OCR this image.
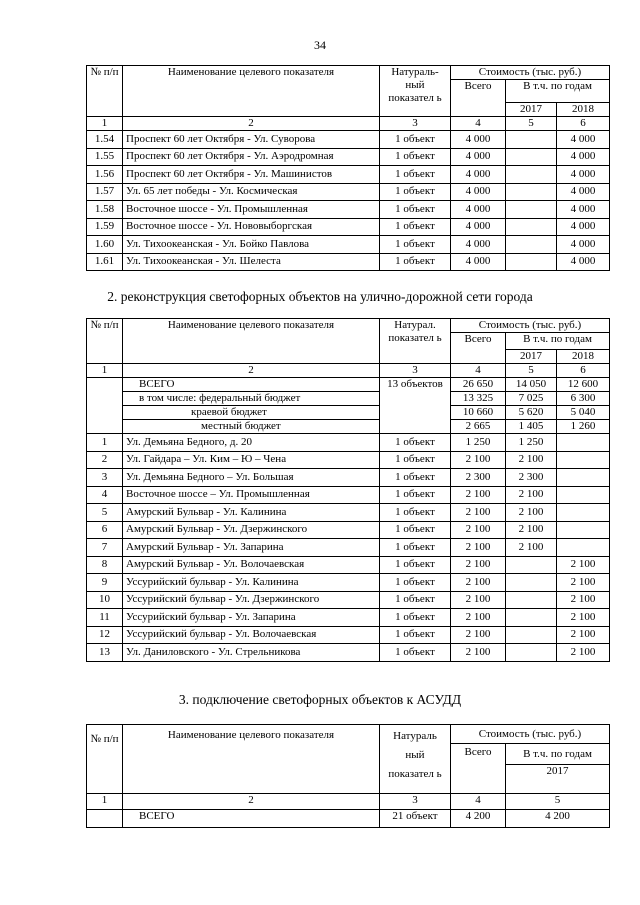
34
№ п/п	Наименование целевого показателя	Натураль-ный показател ь	Стоимость (тыс. руб.)		
			Всего	В т.ч. по годам	
				2017	2018
1	2	3	4	5	6
1.54	Проспект 60 лет Октября - Ул. Суворова	1 объект	4 000		4 000
1.55	Проспект 60 лет Октября - Ул. Аэродромная	1 объект	4 000		4 000
1.56	Проспект 60 лет Октября - Ул. Машинистов	1 объект	4 000		4 000
1.57	Ул. 65 лет победы - Ул. Космическая	1 объект	4 000		4 000
1.58	Восточное шоссе - Ул. Промышленная	1 объект	4 000		4 000
1.59	Восточное шоссе - Ул. Нововыборгская	1 объект	4 000		4 000
1.60	Ул. Тихоокеанская - Ул. Бойко Павлова	1 объект	4 000		4 000
1.61	Ул. Тихоокеанская - Ул. Шелеста	1 объект	4 000		4 000
2. реконструкция светофорных объектов на улично-дорожной сети города
№ п/п	Наименование целевого показателя	Натурал. показател ь	Стоимость (тыс. руб.)		
			Всего	В т.ч. по годам	
				2017	2018
1	2	3	4	5	6
	ВСЕГО	13 объектов	26 650	14 050	12 600
	в том числе: федеральный бюджет		13 325	7 025	6 300
	краевой бюджет		10 660	5 620	5 040
	местный бюджет		2 665	1 405	1 260
1	Ул. Демьяна Бедного, д. 20	1 объект	1 250	1 250	
2	Ул. Гайдара – Ул. Ким – Ю – Чена	1 объект	2 100	2 100	
3	Ул. Демьяна Бедного – Ул. Большая	1 объект	2 300	2 300	
4	Восточное шоссе – Ул. Промышленная	1 объект	2 100	2 100	
5	Амурский Бульвар - Ул. Калинина	1 объект	2 100	2 100	
6	Амурский Бульвар - Ул. Дзержинского	1 объект	2 100	2 100	
7	Амурский Бульвар - Ул. Запарина	1 объект	2 100	2 100	
8	Амурский Бульвар - Ул. Волочаевская	1 объект	2 100		2 100
9	Уссурийский бульвар - Ул. Калинина	1 объект	2 100		2 100
10	Уссурийский бульвар - Ул. Дзержинского	1 объект	2 100		2 100
11	Уссурийский бульвар - Ул. Запарина	1 объект	2 100		2 100
12	Уссурийский бульвар - Ул. Волочаевская	1 объект	2 100		2 100
13	Ул. Даниловского - Ул. Стрельникова	1 объект	2 100		2 100
3. подключение светофорных объектов к АСУДД
№ п/п	Наименование целевого показателя	Натураль ный показател ь	Стоимость (тыс. руб.)	
			Всего	В т.ч. по годам
				2017
1	2	3	4	5
	ВСЕГО	21 объект	4 200	4 200
